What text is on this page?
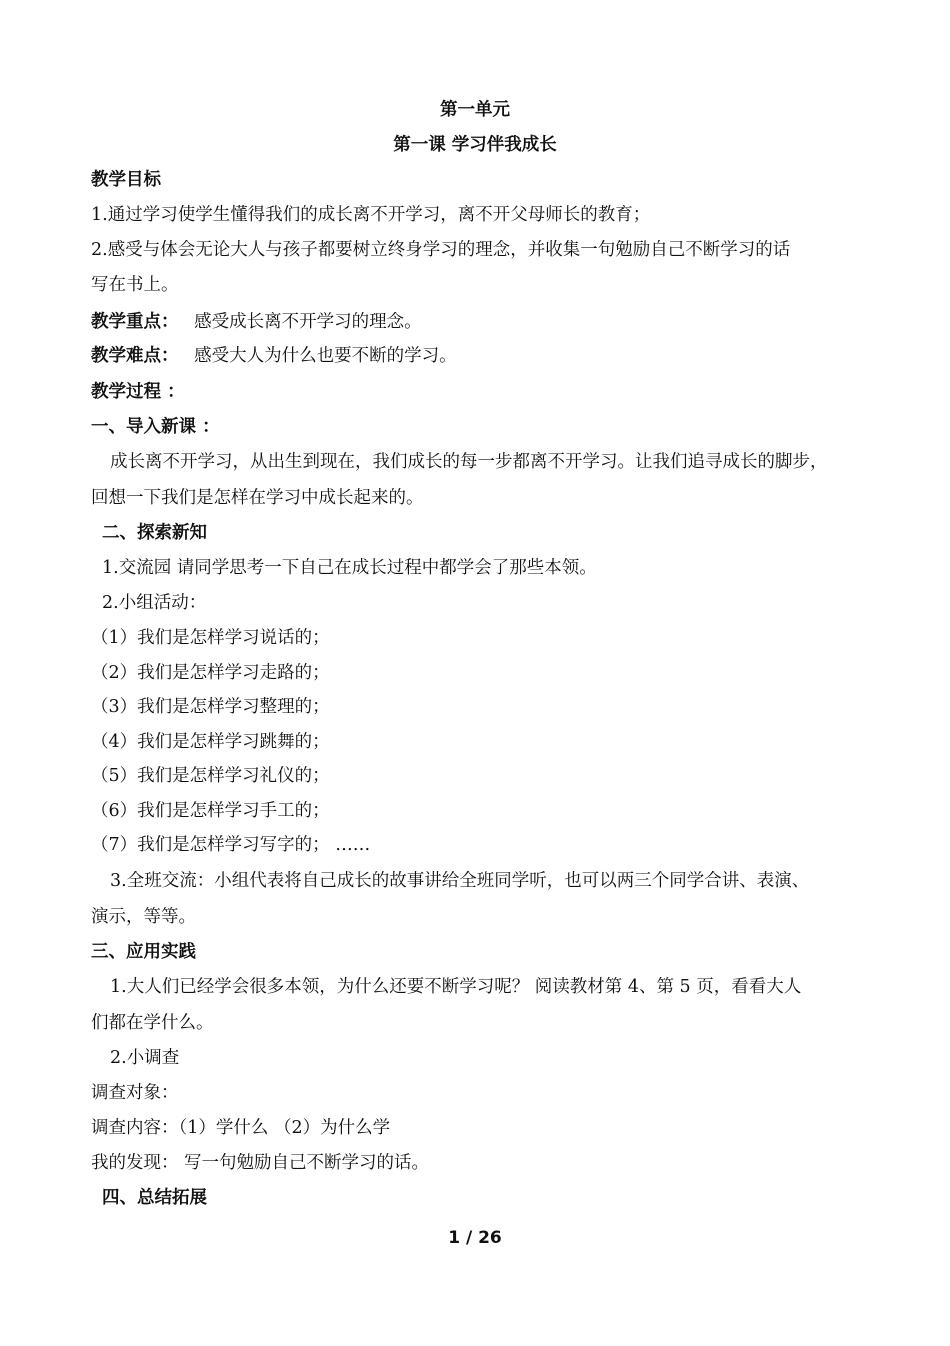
第一单元
第一课 学习伴我成长
教学目标
1.通过学习使学生懂得我们的成长离不开学习，离不开父母师长的教育；
2.感受与体会无论大人与孩子都要树立终身学习的理念，并收集一句勉励自己不断学习的话
写在书上。
教学重点： 感受成长离不开学习的理念。
教学难点： 感受大人为什么也要不断的学习。
教学过程 ：
一、导入新课 ：
成长离不开学习，从出生到现在，我们成长的每一步都离不开学习。让我们追寻成长的脚步，
回想一下我们是怎样在学习中成长起来的。
二、探索新知
1.交流园 请同学思考一下自己在成长过程中都学会了那些本领。
2.小组活动：
（1）我们是怎样学习说话的；
（2）我们是怎样学习走路的；
（3）我们是怎样学习整理的；
（4）我们是怎样学习跳舞的；
（5）我们是怎样学习礼仪的；
（6）我们是怎样学习手工的；
（7）我们是怎样学习写字的； ……
3.全班交流：小组代表将自己成长的故事讲给全班同学听，也可以两三个同学合讲、表演、
演示，等等。
三、应用实践
1.大人们已经学会很多本领，为什么还要不断学习呢？ 阅读教材第 4、第 5 页，看看大人
们都在学什么。
2.小调查
调查对象：
调查内容：（1）学什么 （2）为什么学
我的发现： 写一句勉励自己不断学习的话。
四、总结拓展
1 / 26
